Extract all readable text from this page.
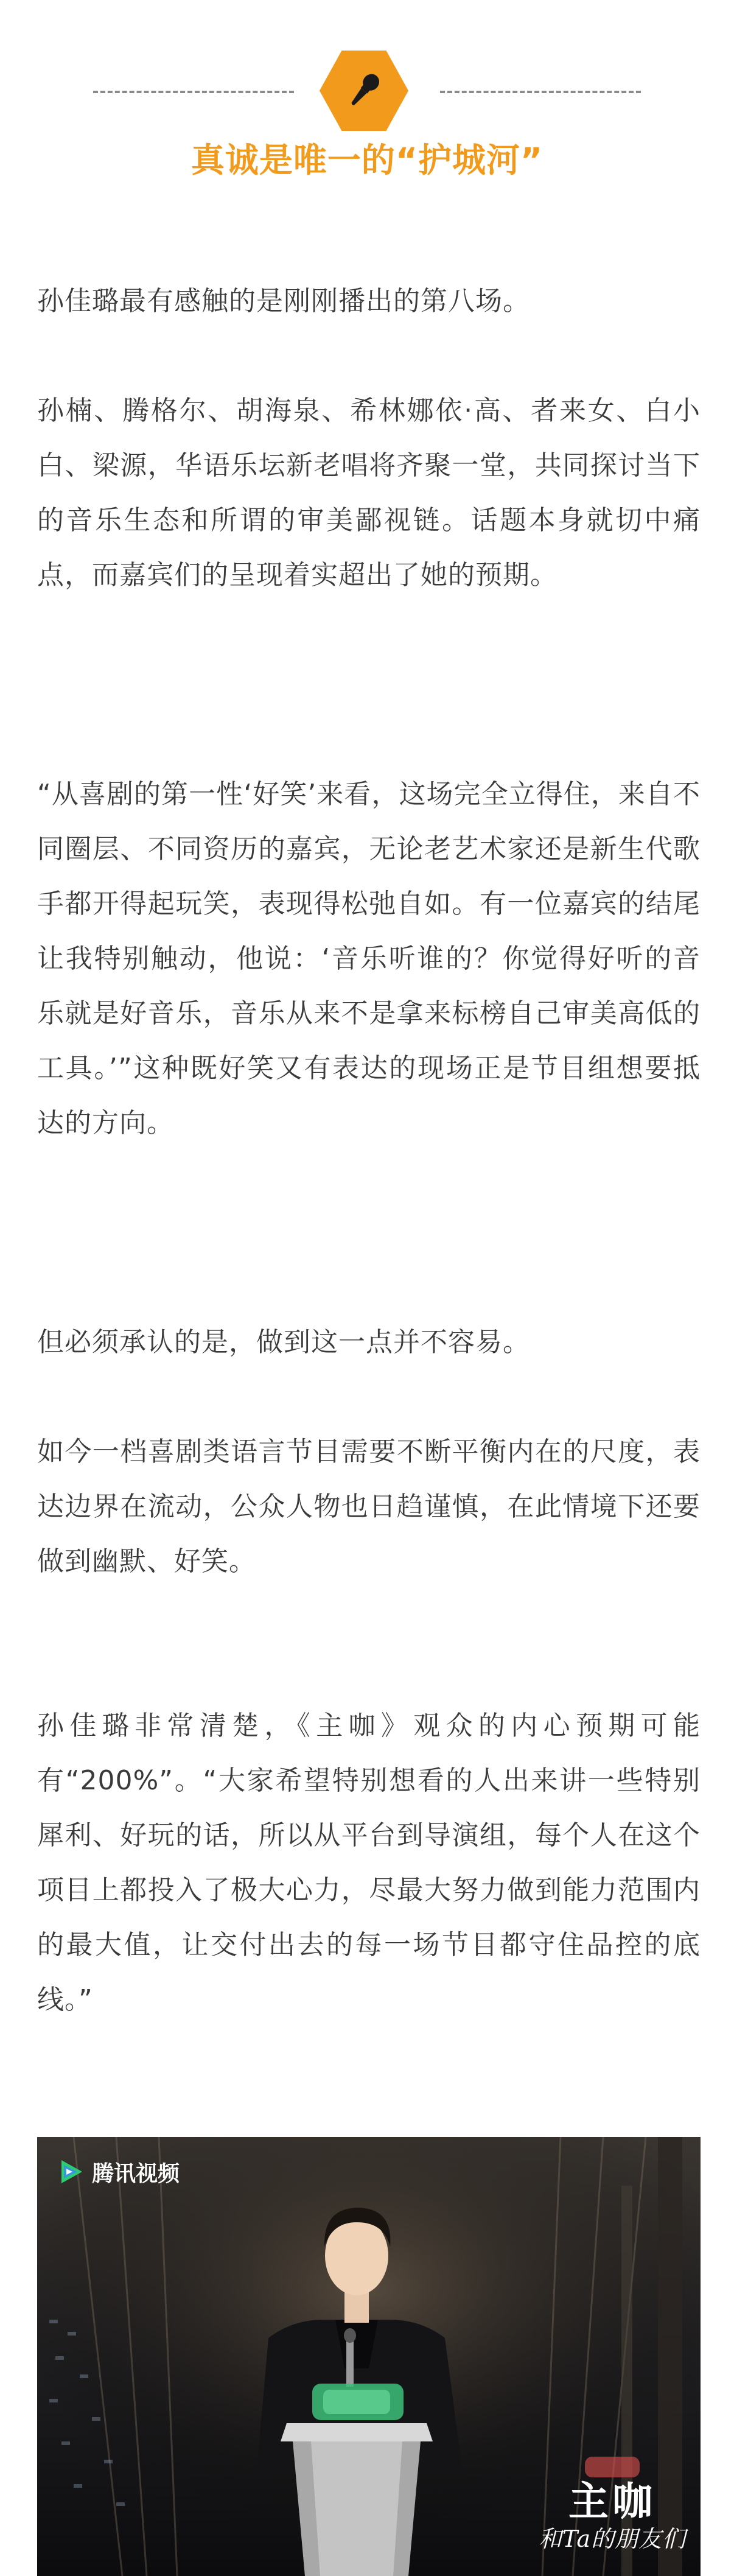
真诚是唯一的“护城河”

孙佳璐最有感触的是刚刚播出的第八场。

孙楠、腾格尔、胡海泉、希林娜依·高、者来女、白小白、梁源，华语乐坛新老唱将齐聚一堂，共同探讨当下的音乐生态和所谓的审美鄙视链。话题本身就切中痛点，而嘉宾们的呈现着实超出了她的预期。

“从喜剧的第一性‘好笑’来看，这场完全立得住，来自不同圈层、不同资历的嘉宾，无论老艺术家还是新生代歌手都开得起玩笑，表现得松弛自如。有一位嘉宾的结尾让我特别触动，他说：‘音乐听谁的？你觉得好听的音乐就是好音乐，音乐从来不是拿来标榜自己审美高低的工具。’”这种既好笑又有表达的现场正是节目组想要抵达的方向。

但必须承认的是，做到这一点并不容易。

如今一档喜剧类语言节目需要不断平衡内在的尺度，表达边界在流动，公众人物也日趋谨慎，在此情境下还要做到幽默、好笑。

孙佳璐非常清楚，《主咖》观众的内心预期可能有“200%”。“大家希望特别想看的人出来讲一些特别犀利、好玩的话，所以从平台到导演组，每个人在这个项目上都投入了极大心力，尽最大努力做到能力范围内的最大值，让交付出去的每一场节目都守住品控的底线。”

腾讯视频
主咖
和Ta的朋友们
